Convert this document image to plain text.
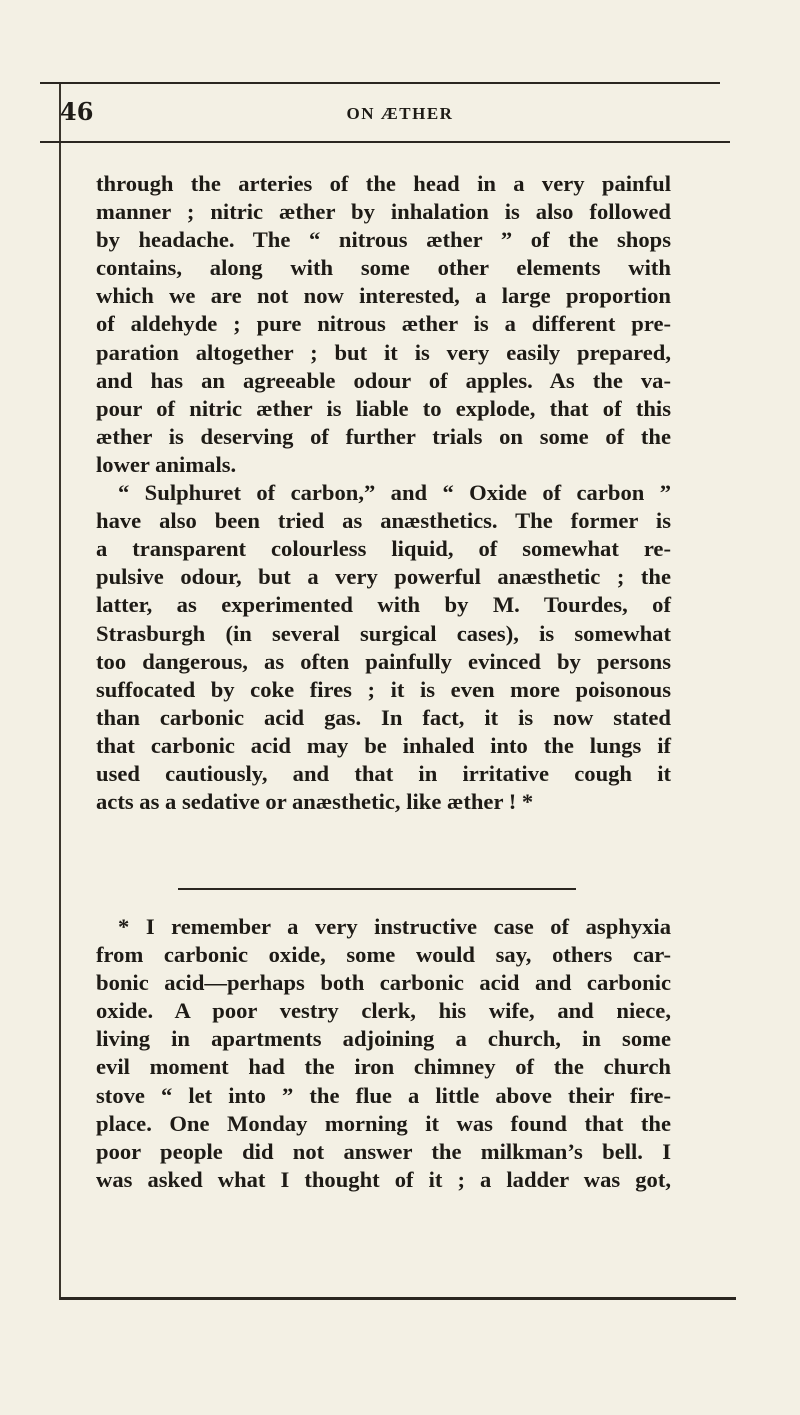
46	ON ÆTHER
through the arteries of the head in a very painful
manner ; nitric æther by inhalation is also followed
by headache. The “ nitrous æther ” of the shops
contains, along with some other elements with
which we are not now interested, a large proportion
of aldehyde ; pure nitrous æther is a different pre-
paration altogether ; but it is very easily prepared,
and has an agreeable odour of apples. As the va-
pour of nitric æther is liable to explode, that of this
æther is deserving of further trials on some of the
lower animals.
“ Sulphuret of carbon,” and “ Oxide of carbon ”
have also been tried as anæsthetics. The former is
a transparent colourless liquid, of somewhat re-
pulsive odour, but a very powerful anæsthetic ; the
latter, as experimented with by M. Tourdes, of
Strasburgh (in several surgical cases), is somewhat
too dangerous, as often painfully evinced by persons
suffocated by coke fires ; it is even more poisonous
than carbonic acid gas. In fact, it is now stated
that carbonic acid may be inhaled into the lungs if
used cautiously, and that in irritative cough it
acts as a sedative or anæsthetic, like æther ! *
* I remember a very instructive case of asphyxia
from carbonic oxide, some would say, others car-
bonic acid—perhaps both carbonic acid and carbonic
oxide. A poor vestry clerk, his wife, and niece,
living in apartments adjoining a church, in some
evil moment had the iron chimney of the church
stove “ let into ” the flue a little above their fire-
place. One Monday morning it was found that the
poor people did not answer the milkman’s bell. I
was asked what I thought of it ; a ladder was got,
